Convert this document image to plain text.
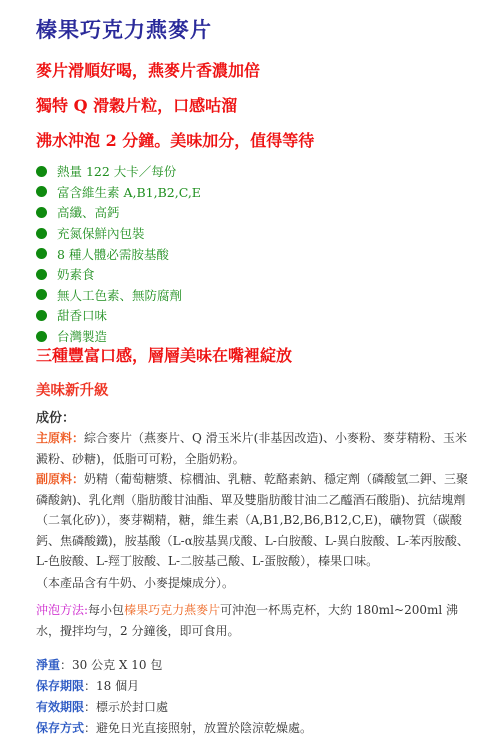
榛果巧克力燕麥片

麥片滑順好喝，燕麥片香濃加倍

獨特 Q 滑穀片粒，口感咕溜

沸水沖泡 2 分鐘。美味加分，值得等待

熱量 122 大卡／每份
富含維生素 A,B1,B2,C,E
高纖、高鈣
充氮保鮮內包裝
8 種人體必需胺基酸
奶素食
無人工色素、無防腐劑
甜香口味
台灣製造

三種豐富口感，層層美味在嘴裡綻放

美味新升級

成份：

主原料：綜合麥片（燕麥片、Q 滑玉米片(非基因改造)、小麥粉、麥芽精粉、玉米澱粉、砂糖)，低脂可可粉，全脂奶粉。

副原料：奶精（葡萄糖漿、棕櫚油、乳糖、乾酪素鈉、穩定劑（磷酸氫二鉀、三聚磷酸鈉)、乳化劑（脂肪酸甘油酯、單及雙脂肪酸甘油二乙醯酒石酸脂)、抗結塊劑（二氧化矽)），麥芽糊精，糖，維生素（A,B1,B2,B6,B12,C,E)，礦物質（碳酸鈣、焦磷酸鐵)，胺基酸（L-α胺基異戊酸、L-白胺酸、L-異白胺酸、L-苯丙胺酸、L-色胺酸、L-羥丁胺酸、L-二胺基己酸、L-蛋胺酸），榛果口味。

（本產品含有牛奶、小麥提煉成分）。

沖泡方法:每小包榛果巧克力燕麥片可沖泡一杯馬克杯，大約 180ml~200ml 沸水，攪拌均勻，2 分鐘後，即可食用。

淨重：30 公克 X 10 包

保存期限：18 個月

有效期限：標示於封口處

保存方式：避免日光直接照射，放置於陰涼乾燥處。
